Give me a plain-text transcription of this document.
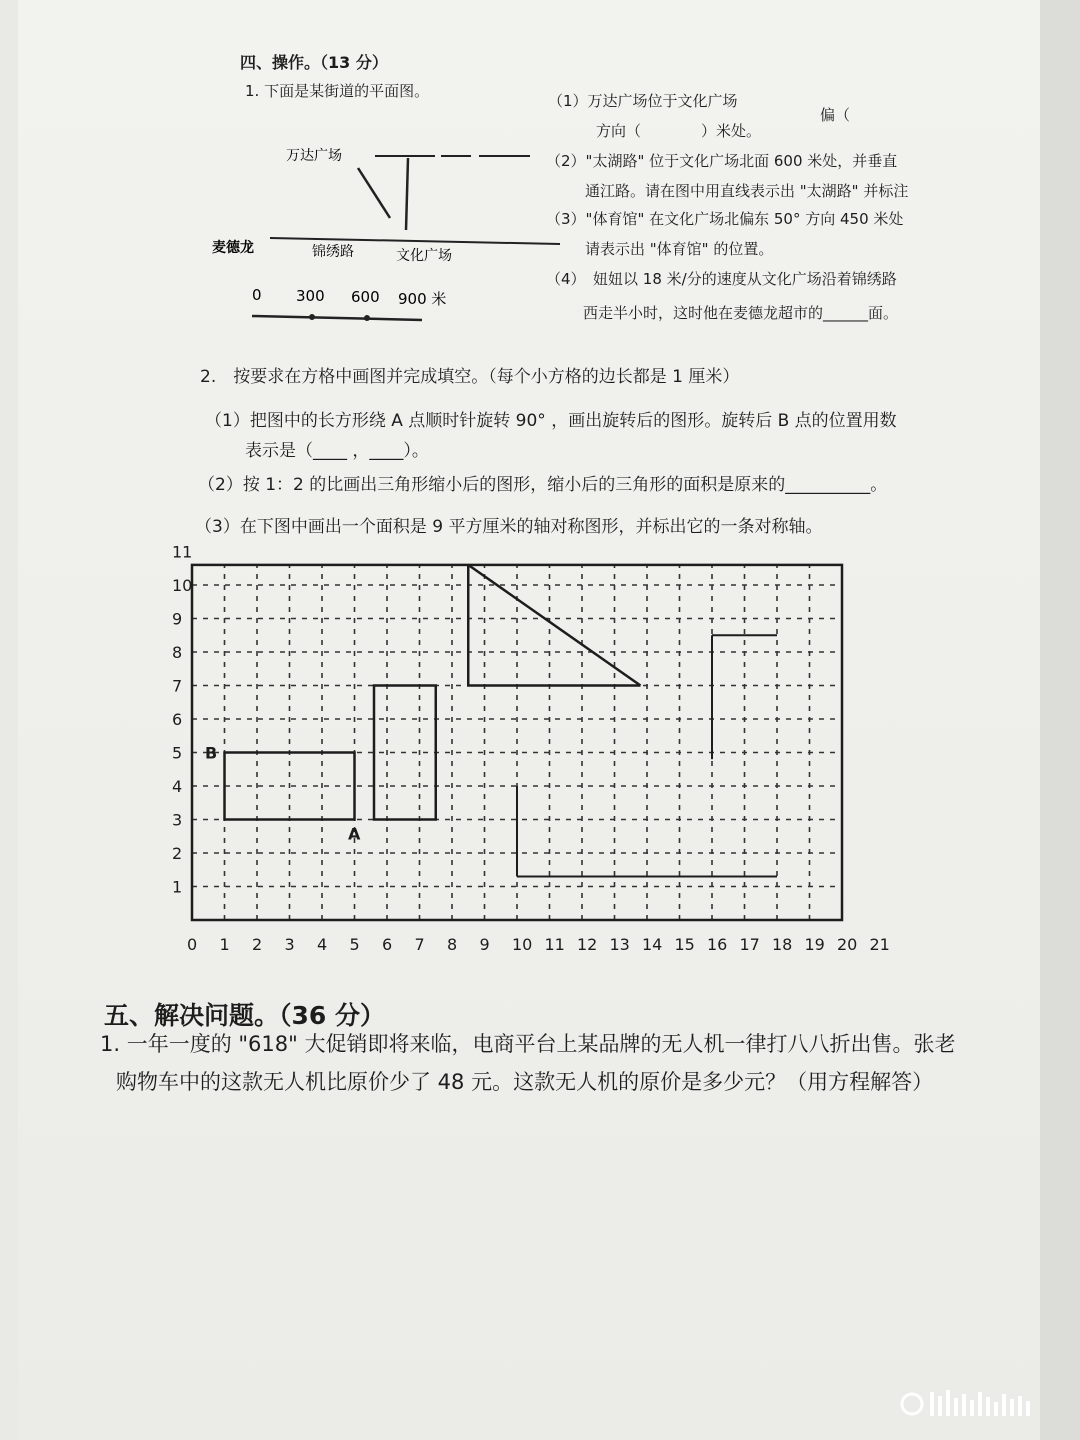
四、操作。（13 分）
1. 下面是某街道的平面图。
万达广场
麦德龙	锦绣路	文化广场
0 300 600 900 米
（1）万达广场位于文化广场
偏（
方向（　　　　）米处。
（2）"太湖路" 位于文化广场北面 600 米处，并垂直
通江路。请在图中用直线表示出 "太湖路" 并标注
（3）"体育馆" 在文化广场北偏东 50° 方向 450 米处
请表示出 "体育馆" 的位置。
（4）　妞妞以 18 米/分的速度从文化广场沿着锦绣路
西走半小时，这时他在麦德龙超市的______面。
2.　按要求在方格中画图并完成填空。（每个小方格的边长都是 1 厘米）
（1）把图中的长方形绕 A 点顺时针旋转 90° ，画出旋转后的图形。旋转后 B 点的位置用数
表示是（____ ，____）。
（2）按 1：2 的比画出三角形缩小后的图形，缩小后的三角形的面积是原来的__________。
（3）在下图中画出一个面积是 9 平方厘米的轴对称图形，并标出它的一条对称轴。
B
A
0 1 2 3 4 5 6 7 8 9 10 11 12 13 14 15 16 17 18 19 20 21
1
2
3
4
5
6
7
8
9
10
11
五、解决问题。（36 分）
1. 一年一度的 "618" 大促销即将来临，电商平台上某品牌的无人机一律打八八折出售。张老
购物车中的这款无人机比原价少了 48 元。这款无人机的原价是多少元？（用方程解答）
